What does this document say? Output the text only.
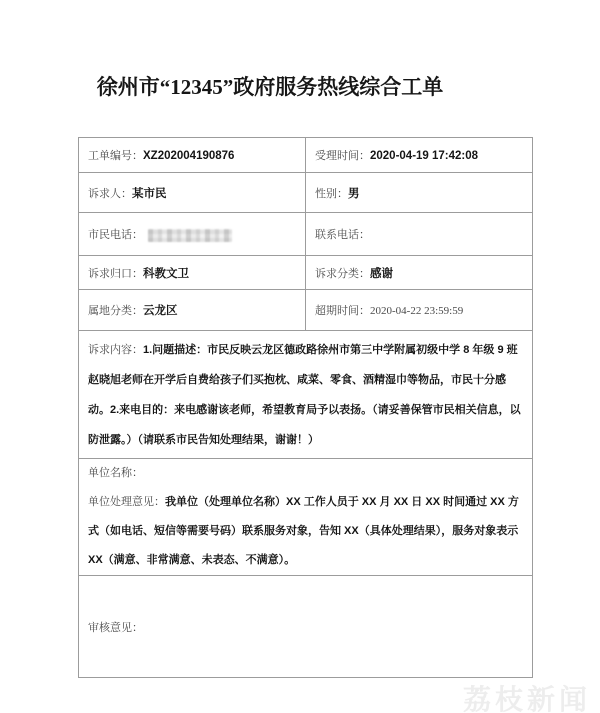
徐州市“12345”政府服务热线综合工单
工单编号：XZ202004190876	受理时间：2020-04-19 17:42:08
诉求人：某市民	性别：男
市民电话：	联系电话：
诉求归口：科教文卫	诉求分类：感谢
属地分类：云龙区	超期时间：2020-04-22 23:59:59
诉求内容：1.问题描述：市民反映云龙区德政路徐州市第三中学附属初级中学 8 年级 9 班赵晓旭老师在开学后自费给孩子们买抱枕、咸菜、零食、酒精湿巾等物品，市民十分感动。2.来电目的：来电感谢该老师，希望教育局予以表扬。（请妥善保管市民相关信息，以防泄露。）（请联系市民告知处理结果，谢谢！）	

单位名称：
单位处理意见：我单位（处理单位名称）XX 工作人员于 XX 月 XX 日 XX 时间通过 XX 方式（如电话、短信等需要号码）联系服务对象，告知 XX（具体处理结果），服务对象表示 XX（满意、非常满意、未表态、不满意）。	

审核意见：	
荔枝新闻
